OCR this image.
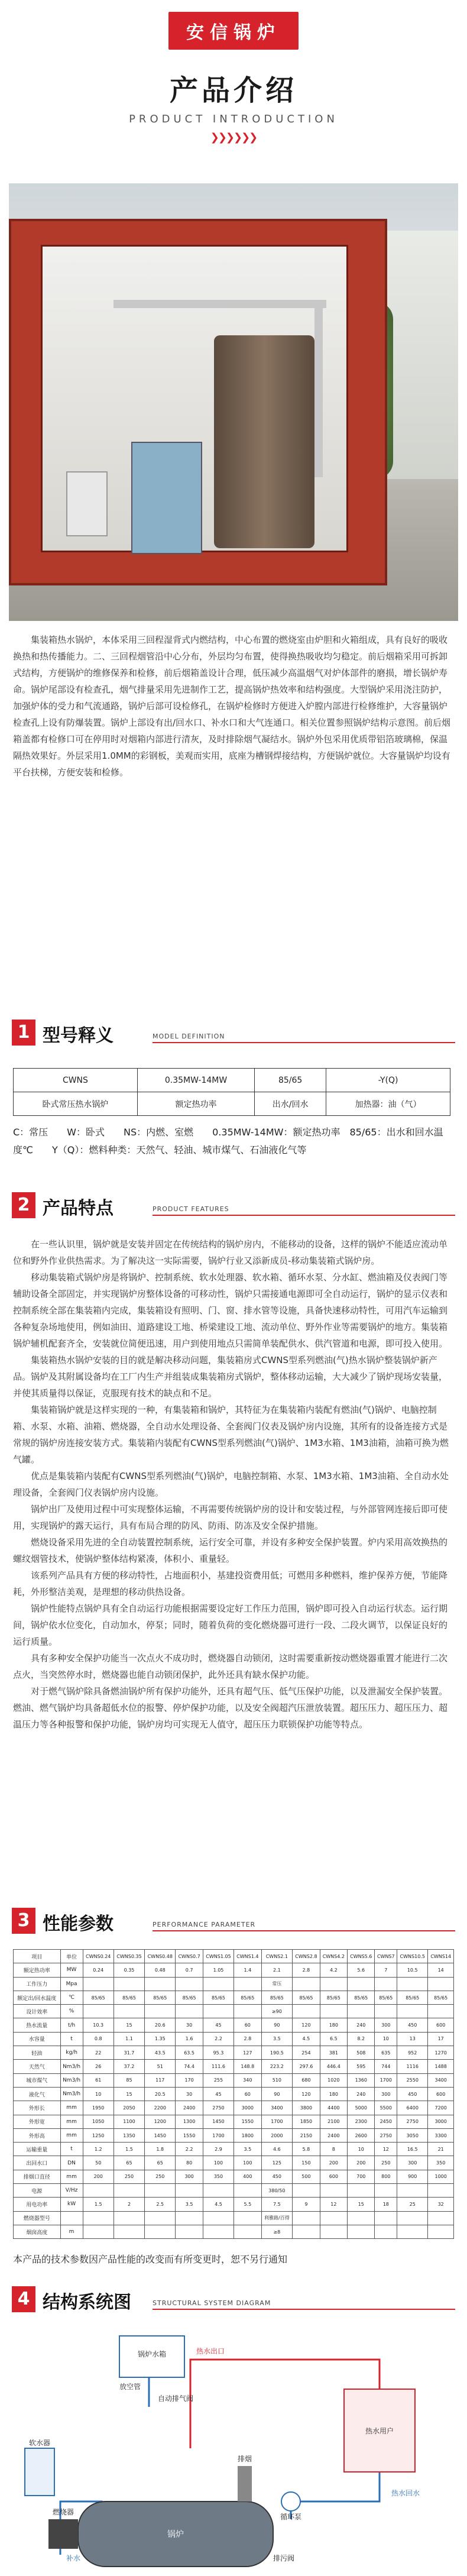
安信锅炉
产品介绍
PRODUCT INTRODUCTION
❯❯❯❯❯❯
集装箱热水锅炉，本体采用三回程湿背式内燃结构，中心布置的燃烧室由炉胆和火箱组成，具有良好的吸收换热和热传播能力。二、三回程烟管沿中心分布，外层均匀布置，使得换热吸收均匀稳定。前后烟箱采用可拆卸式结构，方便锅炉的维修保养和检修，前后烟箱盖设计合理，低压减少高温烟气对炉体部件的磨损，增长锅炉寿命。锅炉尾部设有检查孔，烟气排量采用先进制作工艺，提高锅炉热效率和结构强度。大型锅炉采用浇注防护，加强炉体的受力和气流通路，锅炉后部可设检修孔，在锅炉检修时方便进入炉膛内部进行检修维护，大容量锅炉检查孔上设有防爆装置。锅炉上部设有出/回水口、补水口和大气连通口。相关位置参照锅炉结构示意图。前后烟箱盖都有检修口可在停用时对烟箱内部进行清灰，及时排除烟气凝结水。锅炉外包采用优质带铝箔玻璃棉，保温隔热效果好。外层采用1.0MM的彩钢板，美观而实用，底座为槽钢焊接结构，方便锅炉就位。大容量锅炉均设有平台扶梯，方便安装和检修。
1 型号释义	MODEL DEFINITION
CWNS	0.35MW-14MW	85/65	-Y(Q)
卧式常压热水锅炉	额定热功率	出水/回水	加热器：油（气）
C：常压　　W：卧式　　NS：内燃、室燃　　0.35MW-14MW：额定热功率　85/65：出水和回水温度℃　　Y（Q）：燃料种类：天然气、轻油、城市煤气、石油液化气等
2 产品特点	PRODUCT FEATURES

在一些认识里，锅炉就是安装并固定在传统结构的锅炉房内，不能移动的设备，这样的锅炉不能适应流动单位和野外作业供热需求。为了解决这一实际需要，锅炉行业又添新成员-移动集装箱式锅炉房。

移动集装箱式锅炉房是将锅炉、控制系统、软水处理器、软水箱、循环水泵、分水缸、燃油箱及仪表阀门等辅助设备全部固定，并实现锅炉房整体设备的可移动性，锅炉只需接通电源即可全自动运行，锅炉的显示仪表和控制系统全部在集装箱内完成，集装箱设有照明、门、窗、排水管等设施，具备快速移动特性，可用汽车运输到各种复杂场地使用，例如油田、道路建设工地、桥梁建设工地、流动单位、野外作业等需要锅炉的地方。集装箱锅炉辅机配套齐全，安装就位简便迅速，用户到使用地点只需简单装配供水、供汽管道和电源，即可投入使用。

集装箱热水锅炉安装的目的就是解决移动问题，集装箱房式CWNS型系列燃油(气)热水锅炉整装锅炉新产品。锅炉及其附属设备均在工厂内生产并组装成集装箱房式锅炉，整体移动运输，大大减少了锅炉现场安装量，并使其质量得以保证，克服现有技术的缺点和不足。

集装箱锅炉就是这样实现的一种，有集装箱和锅炉，其特征为在集装箱内装配有燃油(气)锅炉、电脑控制箱、水泵、水箱、油箱、燃烧器，全自动水处理设备、全套阀门仪表及锅炉房内设施，其所有的设备连接方式是常规的锅炉房连接安装方式。集装箱内装配有CWNS型系列燃油(气)锅炉、1M3水箱、1M3油箱，油箱可换为燃气罐。

优点是集装箱内装配有CWNS型系列燃油(气)锅炉，电脑控制箱、水泵、1M3水箱、1M3油箱、全自动水处理设备，全套阀门仪表锅炉房内设施。

锅炉出厂及使用过程中可实现整体运输，不再需要传统锅炉房的设计和安装过程，与外部管网连接后即可使用，实现锅炉的露天运行，具有布局合理的防风、防雨、防冻及安全保护措施。

燃烧设备采用先进的全自动装置控制系统，运行安全可靠，并设有多种安全保护装置。炉内采用高效换热的螺纹烟管技术，使锅炉整体结构紧凑，体积小、重量轻。

该系列产品具有方便的移动特性，占地面积小，基建投资费用低；可燃用多种燃料，维护保养方便，节能降耗，外形整洁美观，是理想的移动供热设备。

锅炉性能特点锅炉具有全自动运行功能根据需要设定好工作压力范围，锅炉即可投入自动运行状态。运行期间，锅炉依水位变化，自动加水，停泵；同时，随着负荷的变化燃烧器可进行一段、二段火调节，以保证良好的运行质量。

具有多种安全保护功能当一次点火不成功时，燃烧器自动锁闭，这时需要重新按动燃烧器重置才能进行二次点火，当突然停水时，燃烧器也能自动锁闭保护，此外还具有缺水保护功能。

对于燃气锅炉除具备燃油锅炉所有保护功能外，还具有超气压、低气压保护功能，以及泄漏安全保护装置。燃油、燃气锅炉均具备超低水位的报警、停炉保护功能，以及安全阀超汽压泄放装置。超压压力、超压压力、超温压力等各种报警和保护功能，锅炉房均可实现无人值守，超压压力联锁保护功能等特点。

3 性能参数	PERFORMANCE PARAMETER
项目	单位	CWNS0.24	CWNS0.35	CWNS0.48	CWNS0.7	CWNS1.05	CWNS1.4	CWNS2.1	CWNS2.8	CWNS4.2	CWNS5.6	CWNS7	CWNS10.5	CWNS14
额定热功率	MW	0.24	0.35	0.48	0.7	1.05	1.4	2.1	2.8	4.2	5.6	7	10.5	14
工作压力	Mpa							常压						
额定出/回水温度	℃	85/65	85/65	85/65	85/65	85/65	85/65	85/65	85/65	85/65	85/65	85/65	85/65	85/65
设计效率	%							≥90						
热水流量	t/h	10.3	15	20.6	30	45	60	90	120	180	240	300	450	600
水容量	t	0.8	1.1	1.35	1.6	2.2	2.8	3.5	4.5	6.5	8.2	10	13	17
轻油	kg/h	22	31.7	43.5	63.5	95.3	127	190.5	254	381	508	635	952	1270
天然气	Nm3/h	26	37.2	51	74.4	111.6	148.8	223.2	297.6	446.4	595	744	1116	1488
城市煤气	Nm3/h	61	85	117	170	255	340	510	680	1020	1360	1700	2550	3400
液化气	Nm3/h	10	15	20.5	30	45	60	90	120	180	240	300	450	600
外形长	mm	1950	2050	2200	2400	2750	3000	3400	3800	4400	5000	5500	6400	7200
外形宽	mm	1050	1100	1200	1300	1450	1550	1700	1850	2100	2300	2450	2750	3000
外形高	mm	1250	1350	1450	1550	1700	1800	2000	2150	2400	2600	2750	3050	3300
运输重量	t	1.2	1.5	1.8	2.2	2.9	3.5	4.6	5.8	8	10	12	16.5	21
出回水口	DN	50	65	65	80	100	100	125	150	200	200	250	300	350
排烟口直径	mm	200	250	250	300	350	400	450	500	600	700	800	900	1000
电源	V/Hz							380/50						
用电功率	kW	1.5	2	2.5	3.5	4.5	5.5	7.5	9	12	15	18	25	32
燃烧器型号								利雅路/百得						
烟囱高度	m							≥8						
本产品的技术参数因产品性能的改变而有所变更时，恕不另行通知
4 结构系统图	STRUCTURAL SYSTEM DIAGRAM
锅炉水箱	热水出口
热水用户
循环泵
热水回水
软水器
锅炉
燃烧器
排烟
自动排气阀
补水	排污阀
放空管
